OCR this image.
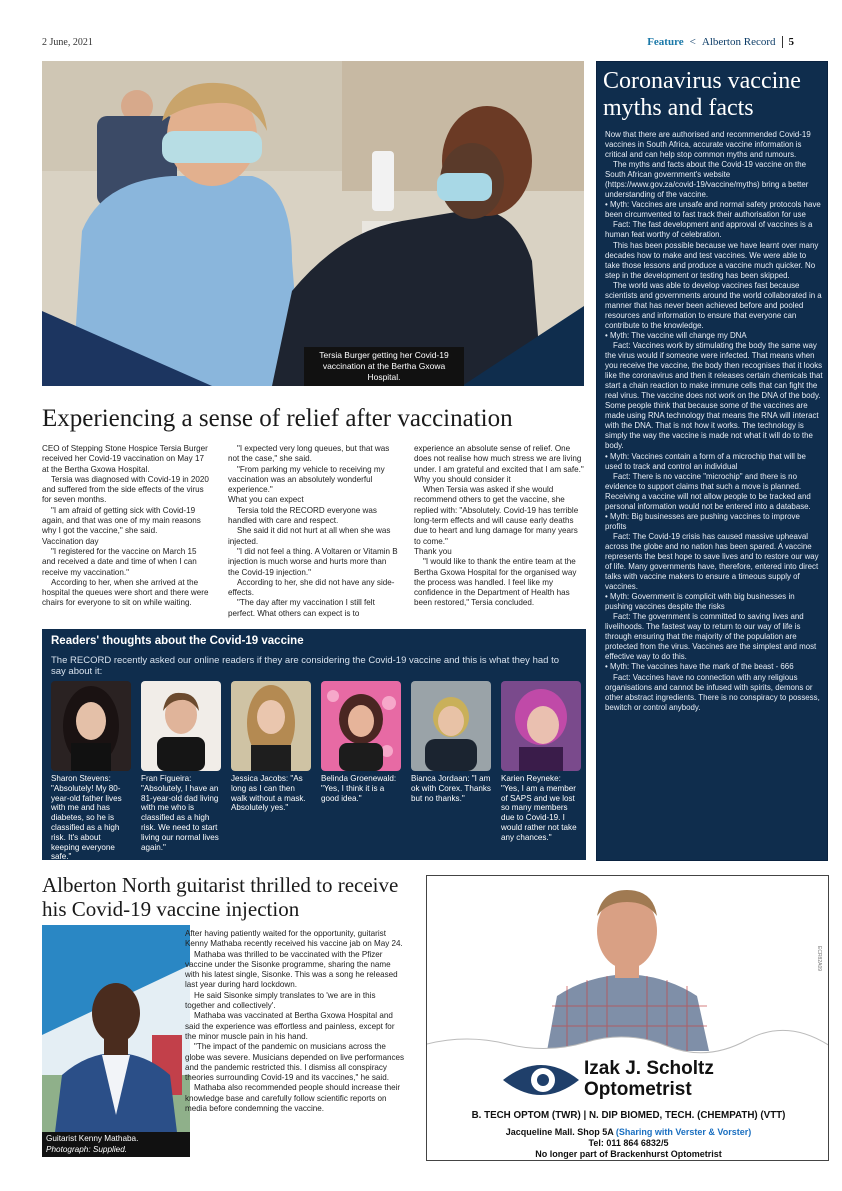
2 June, 2021	Feature < Alberton Record	5
Tersia Burger getting her Covid-19 vaccination at the Bertha Gxowa Hospital.
Experiencing a sense of relief after vaccination

CEO of Stepping Stone Hospice Tersia Burger received her Covid-19 vaccination on May 17 at the Bertha Gxowa Hospital.

Tersia was diagnosed with Covid-19 in 2020 and suffered from the side effects of the virus for seven months.

"I am afraid of getting sick with Covid-19 again, and that was one of my main reasons why I got the vaccine," she said.

Vaccination day

"I registered for the vaccine on March 15 and received a date and time of when I can receive my vaccination."

According to her, when she arrived at the hospital the queues were short and there were chairs for everyone to sit on while waiting.

"I expected very long queues, but that was not the case," she said.

"From parking my vehicle to receiving my vaccination was an absolutely wonderful experience."

What you can expect

Tersia told the RECORD everyone was handled with care and respect.

She said it did not hurt at all when she was injected.

"I did not feel a thing. A Voltaren or Vitamin B injection is much worse and hurts more than the Covid-19 injection."

According to her, she did not have any side-effects.

"The day after my vaccination I still felt perfect. What others can expect is to

experience an absolute sense of relief. One does not realise how much stress we are living under. I am grateful and excited that I am safe."

Why you should consider it

When Tersia was asked if she would recommend others to get the vaccine, she replied with: "Absolutely. Covid-19 has terrible long-term effects and will cause early deaths due to heart and lung damage for many years to come."

Thank you

"I would like to thank the entire team at the Bertha Gxowa Hospital for the organised way the process was handled. I feel like my confidence in the Department of Health has been restored," Tersia concluded.

Readers' thoughts about the Covid-19 vaccine
The RECORD recently asked our online readers if they are considering the Covid-19 vaccine and this is what they had to say about it:
Sharon Stevens: "Absolutely! My 80-year-old father lives with me and has diabetes, so he is classified as a high risk. It's about keeping everyone safe."
Fran Figueira: "Absolutely, I have an 81-year-old dad living with me who is classified as a high risk. We need to start living our normal lives again."
Jessica Jacobs: "As long as I can then walk without a mask. Absolutely yes."
Belinda Groenewald: "Yes, I think it is a good idea."
Bianca Jordaan: "I am ok with Corex. Thanks but no thanks."
Karien Reyneke: "Yes, I am a member of SAPS and we lost so many members due to Covid-19. I would rather not take any chances."
Coronavirus vaccine myths and facts

Now that there are authorised and recommended Covid-19 vaccines in South Africa, accurate vaccine information is critical and can help stop common myths and rumours.

The myths and facts about the Covid-19 vaccine on the South African government's website (https://www.gov.za/covid-19/vaccine/myths) bring a better understanding of the vaccine.

• Myth: Vaccines are unsafe and normal safety protocols have been circumvented to fast track their authorisation for use

Fact: The fast development and approval of vaccines is a human feat worthy of celebration.

This has been possible because we have learnt over many decades how to make and test vaccines. We were able to take those lessons and produce a vaccine much quicker. No step in the development or testing has been skipped.

The world was able to develop vaccines fast because scientists and governments around the world collaborated in a manner that has never been achieved before and pooled resources and information to ensure that everyone can contribute to the knowledge.

• Myth: The vaccine will change my DNA

Fact: Vaccines work by stimulating the body the same way the virus would if someone were infected. That means when you receive the vaccine, the body then recognises that it looks like the coronavirus and then it releases certain chemicals that start a chain reaction to make immune cells that can fight the real virus. The vaccine does not work on the DNA of the body. Some people think that because some of the vaccines are made using RNA technology that means the RNA will interact with the DNA. That is not how it works. The technology is simply the way the vaccine is made not what it will do to the body.

• Myth: Vaccines contain a form of a microchip that will be used to track and control an individual

Fact: There is no vaccine "microchip" and there is no evidence to support claims that such a move is planned. Receiving a vaccine will not allow people to be tracked and personal information would not be entered into a database.

• Myth: Big businesses are pushing vaccines to improve profits

Fact: The Covid-19 crisis has caused massive upheaval across the globe and no nation has been spared. A vaccine represents the best hope to save lives and to restore our way of life. Many governments have, therefore, entered into direct talks with vaccine makers to ensure a timeous supply of vaccines.

• Myth: Government is complicit with big businesses in pushing vaccines despite the risks

Fact: The government is committed to saving lives and livelihoods. The fastest way to return to our way of life is through ensuring that the majority of the population are protected from the virus. Vaccines are the simplest and most effective way to do this.

• Myth: The vaccines have the mark of the beast - 666

Fact: Vaccines have no connection with any religious organisations and cannot be infused with spirits, demons or other abstract ingredients. There is no conspiracy to possess, bewitch or control anybody.

Alberton North guitarist thrilled to receive his Covid-19 vaccine injection
Guitarist Kenny Mathaba.
Photograph: Supplied.

After having patiently waited for the opportunity, guitarist Kenny Mathaba recently received his vaccine jab on May 24.

Mathaba was thrilled to be vaccinated with the Pfizer vaccine under the Sisonke programme, sharing the name with his latest single, Sisonke. This was a song he released last year during hard lockdown.

He said Sisonke simply translates to 'we are in this together and collectively'.

Mathaba was vaccinated at Bertha Gxowa Hospital and said the experience was effortless and painless, except for the minor muscle pain in his hand.

"The impact of the pandemic on musicians across the globe was severe. Musicians depended on live performances and the pandemic restricted this. I dismiss all conspiracy theories surrounding Covid-19 and its vaccines," he said.

Mathaba also recommended people should increase their knowledge base and carefully follow scientific reports on media before condemning the vaccine.

ECR82A09
Izak J. Scholtz
Optometrist
B. TECH OPTOM (TWR) | N. DIP BIOMED, TECH. (CHEMPATH) (VTT)
Jacqueline Mall. Shop 5A (Sharing with Verster & Vorster)
Tel: 011 864 6832/5
No longer part of Brackenhurst Optometrist
